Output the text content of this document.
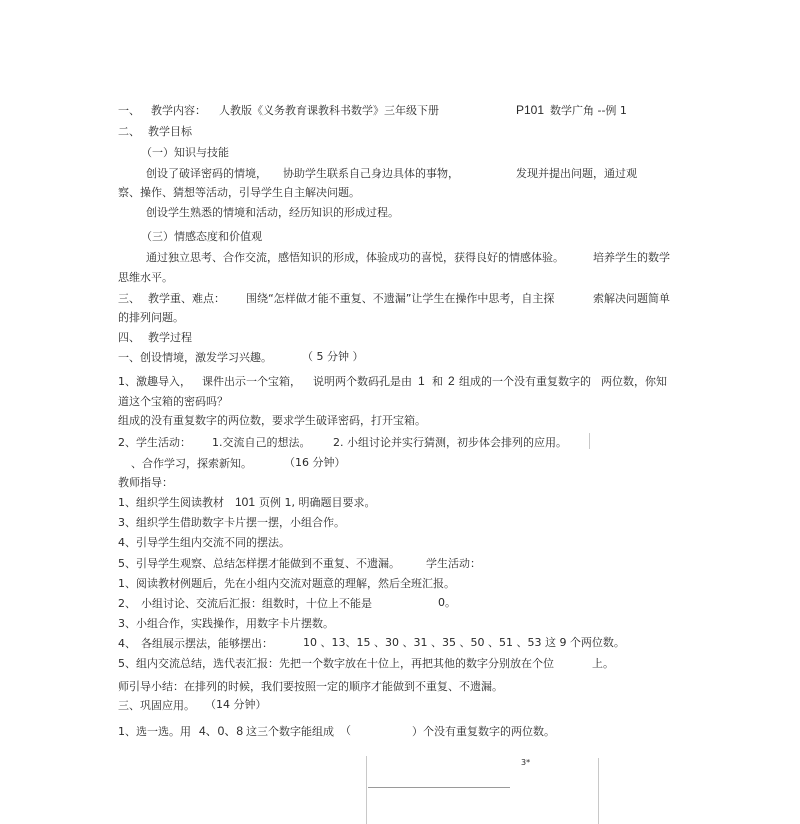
一、 教学内容： 人教版《义务教育课教科书数学》三年级下册	P101 数学广角 --例 1
二、 教学目标
（一）知识与技能
创设了破译密码的情境， 协助学生联系自己身边具体的事物，	发现并提出问题，通过观
察、操作、猜想等活动，引导学生自主解决问题。
创设学生熟悉的情境和活动，经历知识的形成过程。
（三）情感态度和价值观
通过独立思考、合作交流，感悟知识的形成，体验成功的喜悦，获得良好的情感体验。	培养学生的数学
思维水平。
三、 教学重、难点： 围绕“怎样做才能不重复、不遗漏”让学生在操作中思考，自主探	索解决问题简单
的排列问题。
四、 教学过程
一、创设情境，激发学习兴趣。	（ 5 分钟 ）
1、激趣导入， 课件出示一个宝箱， 说明两个数码孔是由 1 和 2 组成的一个没有重复数字的 两位数，你知
道这个宝箱的密码吗？
组成的没有重复数字的两位数，要求学生破译密码，打开宝箱。
2、学生活动： 1.交流自己的想法。 2. 小组讨论并实行猜测，初步体会排列的应用。
、合作学习，探索新知。	（16 分钟）
教师指导：
1、组织学生阅读教材 101 页例 1, 明确题目要求。
3、组织学生借助数字卡片摆一摆，小组合作。
4、引导学生组内交流不同的摆法。
5、引导学生观察、总结怎样摆才能做到不重复、不遗漏。 学生活动：
1、阅读教材例题后，先在小组内交流对题意的理解，然后全班汇报。
2、 小组讨论、交流后汇报：组数时，十位上不能是	0。
3、小组合作，实践操作，用数字卡片摆数。
4、 各组展示摆法，能够摆出：	10 、13、15 、30 、31 、35 、50 、51 、53 这 9 个两位数。
5、组内交流总结，选代表汇报：先把一个数字放在十位上，再把其他的数字分别放在个位	上。
师引导小结：在排列的时候，我们要按照一定的顺序才能做到不重复、不遗漏。
三、巩固应用。 （14 分钟）
1、选一选。用 4、0、8 这三个数字能组成 （	）个没有重复数字的两位数。
3*
